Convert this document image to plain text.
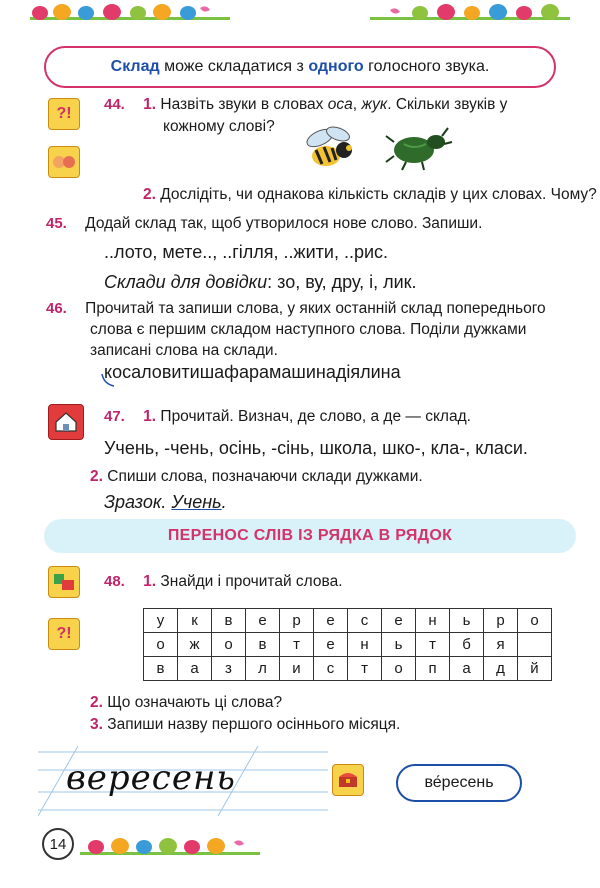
Склад може складатися з одного голосного звука.
?!
44. 1. Назвіть звуки в словах оса, жук. Скільки звуків у
кожному слові?
2. Дослідіть, чи однакова кількість складів у цих словах. Чому?
45. Додай склад так, щоб утворилося нове слово. Запиши.
..лото, мете.., ..гілля, ..жити, ..рис.
Склади для довідки: зо, ву, дру, і, лик.
46. Прочитай та запиши слова, у яких останній склад попереднього
слова є першим складом наступного слова. Поділи дужками
записані слова на склади.
косаловитишафарамашинадіялина
47. 1. Прочитай. Визнач, де слово, а де — склад.
Учень, -чень, осінь, -сінь, школа, шко-, кла-, класи.
2. Спиши слова, позначаючи склади дужками.
Зразок. Учень.
ПЕРЕНОС СЛІВ ІЗ РЯДКА В РЯДОК
?!
48. 1. Знайди і прочитай слова.
у	к	в	е	р	е	с	е	н	ь	р	о
о	ж	о	в	т	е	н	ь	т	б	я	
в	а	з	л	и	с	т	о	п	а	д	й
2. Що означають ці слова?
3. Запиши назву першого осіннього місяця.
вересень	ве́ресень
14
